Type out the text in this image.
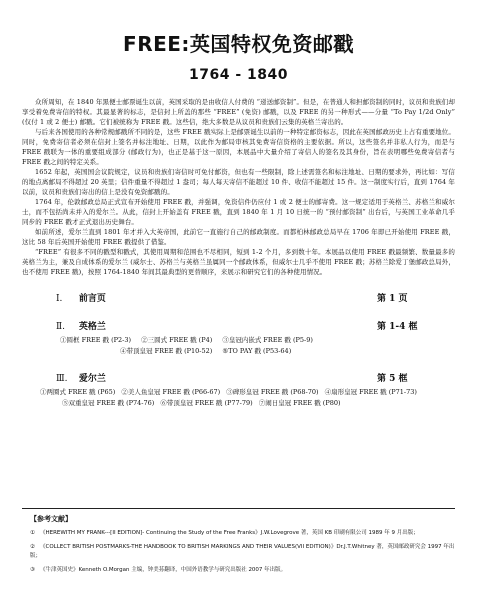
FREE:英国特权免资邮戳
1764 - 1840

众所周知，在 1840 年黑便士邮票诞生以前，英国采取的是由收信人付费的 “递送邮资制”。但是，在普通人和担邮资制的同时，议员和贵族们却享受着免费寄信的特权。其最显著的标志，是信封上所盖的那些 “FREE” (免资) 邮戳，以及 FREE 的另一种形式——分量 “To Pay 1/2d Only” (仅付 1 或 2 便士) 邮戳。它们被统称为 FREE 戳。这些信，绝大多数是从议员和贵族们云集的英格兰寄出的。

与后来各国使用的各种常规邮戳所不同的是，这些 FREE 戳实际上是邮票诞生以前的一种特定邮资标志，因此在英国邮政历史上占有重要地位。同时，免费寄信者必须在信封上签名并标注地址、日期，以此作为邮局审核其免费寄信资格的主要依据。所以，这些签名并非私人行为，而是与 FREE 戳联为一体的重要组成部分 (邮政行为)，也正是基于这一原因，本展品中大量介绍了寄信人的签名及其身份，旨在表明哪些免费寄信者与 FREE 戳之间的特定关系。

1652 年起，英国国会议院规定，议员和贵族们寄信时可免付邮资，但也有一些限制，除上述需签名和标注地址、日期的要求外，再比如：写信的地点离邮局不得超过 20 英里；信件重量不得超过 1 盎司；每人每天寄信不能超过 10 件、收信不能超过 15 件。这一制度实行后，直到 1764 年以前，议员和贵族们寄出的信上是没有免资邮戳的。

1764 年，伦敦邮政总局正式宣布开始使用 FREE 戳，并强调，免资信件仍应付 1 或 2 便士的邮寄费。这一规定适用于英格兰、苏格兰和威尔士，而不包括尚未并入的爱尔兰。从此，信封上开始盖有 FREE 戳，直到 1840 年 1 月 10 日统一的 “预付邮资制” 出台后，与英国工业革命几乎同步的 FREE 戳才正式退出历史舞台。

如前所述，爱尔兰直到 1801 年才并入大英帝国，此前它一直施行自己的邮政制度。而都柏林邮政总局早在 1706 年即已开始使用 FREE 戳，这比 58 年后英国开始使用 FREE 戳提供了借鉴。

“FREE” 有很多不同的戳型和戳式，其使用周期和范围也不尽相同，短到 1-2 个月，多到数十年。本展品以使用 FREE 戳最频繁、数量最多的英格兰为主，兼及自成体系的爱尔兰 (威尔士、苏格兰与英格兰虽属同一个邮政体系，但威尔士几乎不使用 FREE 戳；苏格兰除爱丁堡邮政总局外，也不使用 FREE 戳)，按照 1764-1840 年间其最典型的更替顺序，来展示和研究它们的各种使用情况。

Ⅰ. 前言页	第 1 页
Ⅱ. 英格兰	第 1-4 框
①圆框 FREE 戳 (P2-3) ②三圆式 FREE 戳 (P4) ③皇冠内嵌式 FREE 戳 (P5-9)
④带顶皇冠 FREE 戳 (P10-52) ⑤TO PAY 戳 (P53-64)
Ⅲ. 爱尔兰	第 5 框
①两圈式 FREE 戳 (P65) ②美人鱼皇冠 FREE 戳 (P66-67) ③碑形皇冠 FREE 戳 (P68-70) ④扇形皇冠 FREE 戳 (P71-73)
⑤双重皇冠 FREE 戳 (P74-76) ⑥带顶皇冠 FREE 戳 (P77-79) ⑦闹日皇冠 FREE 戳 (P80)
【参考文献】
① 《HEREWITH MY FRANK---[II EDITION]- Continuing the Study of the Free Franks》J.W.Lovegrove 著，英国 KB 印刷有限公司 1989 年 9 月出版；
② 《COLLECT BRITISH POSTMARKS-THE HANDBOOK TO BRITISH MARKINGS AND THEIR VALUES(VII EDITION)》Dr.J.T.Whitney 著，英国邮政研究会 1997 年出版；
③ 《牛津英国史》Kenneth O.Morgan 主编，钟美荪翻译，中国外语教学与研究出版社 2007 年出版。
